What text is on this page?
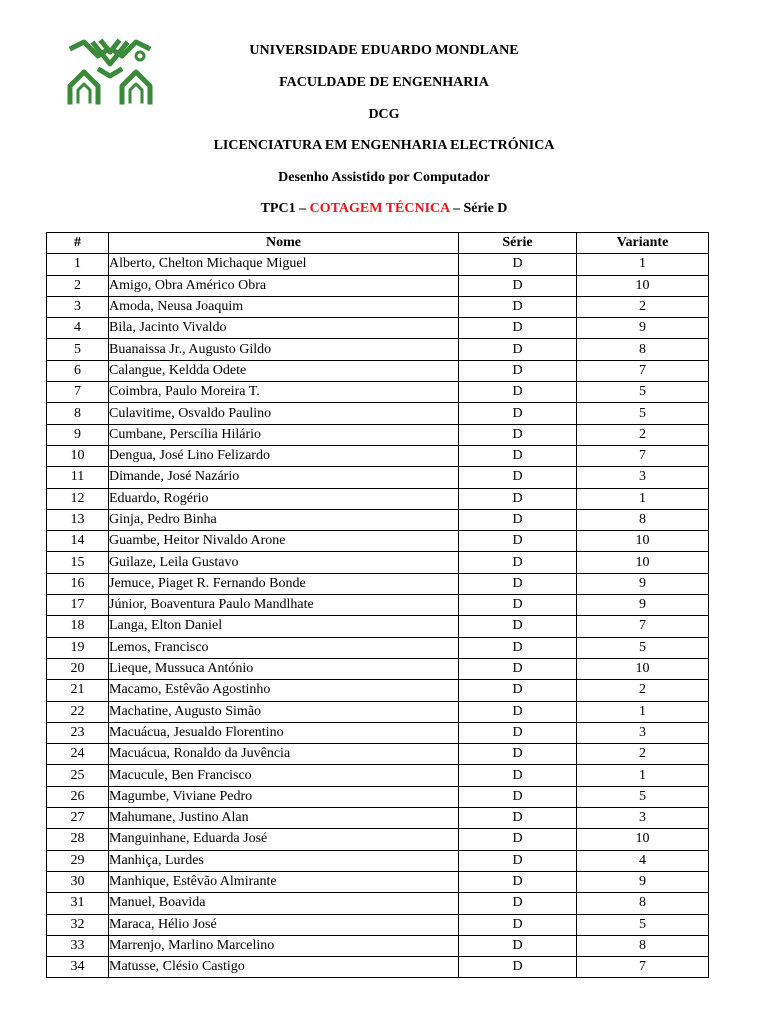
UNIVERSIDADE EDUARDO MONDLANE
FACULDADE DE ENGENHARIA
DCG
LICENCIATURA EM ENGENHARIA ELECTRÓNICA
Desenho Assistido por Computador
TPC1 – COTAGEM TÉCNICA – Série D
#	Nome	Série	Variante
1	Alberto, Chelton Michaque Miguel	D	1
2	Amigo, Obra Américo Obra	D	10
3	Amoda, Neusa Joaquim	D	2
4	Bila, Jacinto Vivaldo	D	9
5	Buanaissa Jr., Augusto Gildo	D	8
6	Calangue, Keldda Odete	D	7
7	Coimbra, Paulo Moreira T.	D	5
8	Culavitime, Osvaldo Paulino	D	5
9	Cumbane, Perscília Hilário	D	2
10	Dengua, José Lino Felizardo	D	7
11	Dimande, José Nazário	D	3
12	Eduardo, Rogério	D	1
13	Ginja, Pedro Binha	D	8
14	Guambe, Heitor Nivaldo Arone	D	10
15	Guilaze, Leila Gustavo	D	10
16	Jemuce, Piaget R. Fernando Bonde	D	9
17	Júnior, Boaventura Paulo Mandlhate	D	9
18	Langa, Elton Daniel	D	7
19	Lemos, Francisco	D	5
20	Lieque, Mussuca António	D	10
21	Macamo, Estêvão Agostinho	D	2
22	Machatine, Augusto Simão	D	1
23	Macuácua, Jesualdo Florentino	D	3
24	Macuácua, Ronaldo da Juvência	D	2
25	Macucule, Ben Francisco	D	1
26	Magumbe, Viviane Pedro	D	5
27	Mahumane, Justino Alan	D	3
28	Manguinhane, Eduarda José	D	10
29	Manhiça, Lurdes	D	4
30	Manhique, Estêvão Almirante	D	9
31	Manuel, Boavida	D	8
32	Maraca, Hélio José	D	5
33	Marrenjo, Marlino Marcelino	D	8
34	Matusse, Clésio Castigo	D	7
